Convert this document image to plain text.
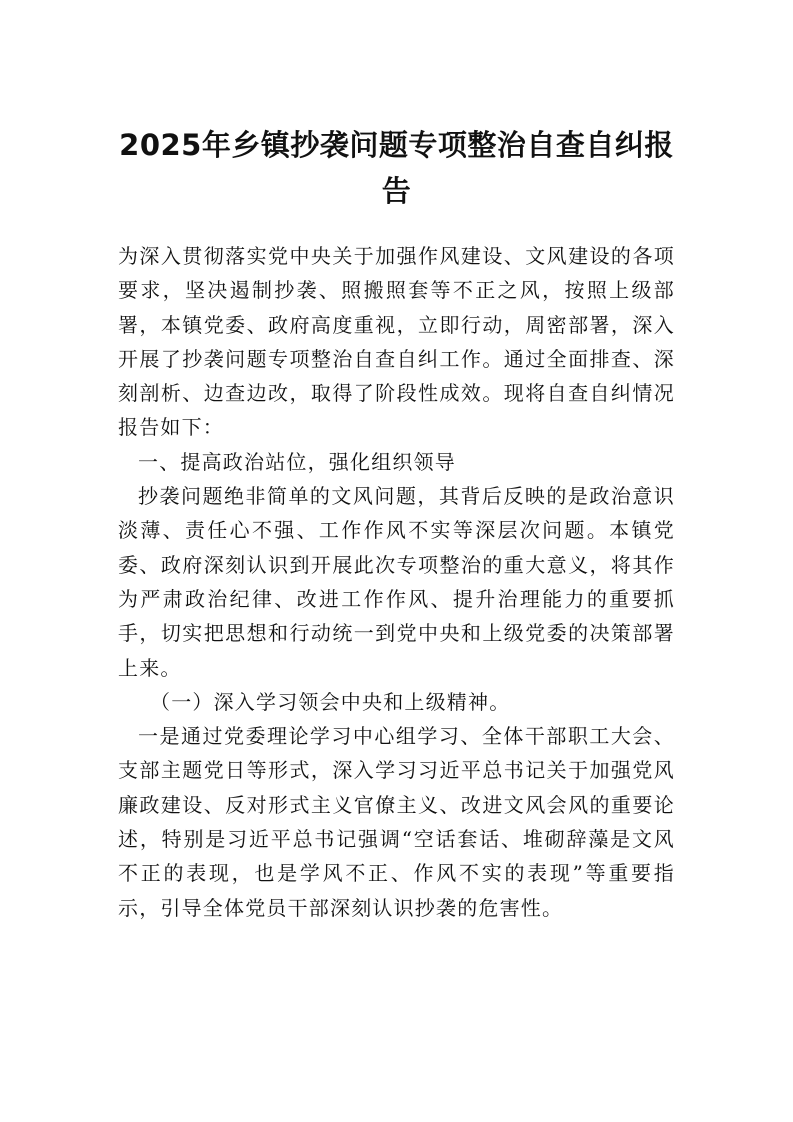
2025年乡镇抄袭问题专项整治自查自纠报
告

为深入贯彻落实党中央关于加强作风建设、文风建设的各项要求，坚决遏制抄袭、照搬照套等不正之风，按照上级部署，本镇党委、政府高度重视，立即行动，周密部署，深入开展了抄袭问题专项整治自查自纠工作。通过全面排查、深刻剖析、边查边改，取得了阶段性成效。现将自查自纠情况报告如下：

一、提高政治站位，强化组织领导

抄袭问题绝非简单的文风问题，其背后反映的是政治意识淡薄、责任心不强、工作作风不实等深层次问题。本镇党委、政府深刻认识到开展此次专项整治的重大意义，将其作为严肃政治纪律、改进工作作风、提升治理能力的重要抓手，切实把思想和行动统一到党中央和上级党委的决策部署上来。

（一）深入学习领会中央和上级精神。

一是通过党委理论学习中心组学习、全体干部职工大会、支部主题党日等形式，深入学习习近平总书记关于加强党风廉政建设、反对形式主义官僚主义、改进文风会风的重要论述，特别是习近平总书记强调“空话套话、堆砌辞藻是文风不正的表现，也是学风不正、作风不实的表现”等重要指示，引导全体党员干部深刻认识抄袭的危害性。
